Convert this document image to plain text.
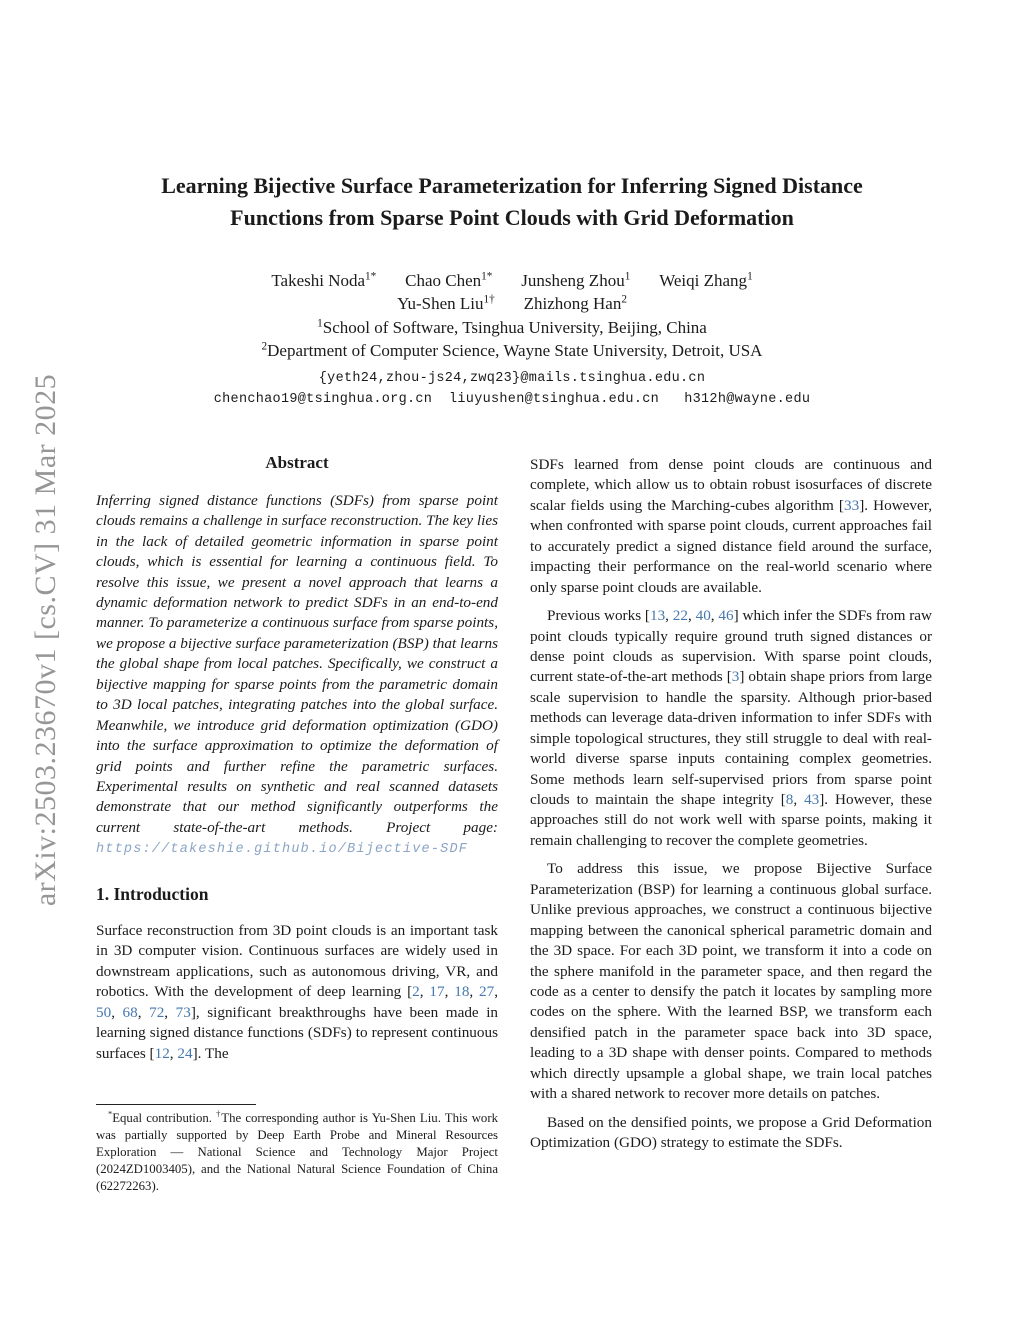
arXiv:2503.23670v1 [cs.CV] 31 Mar 2025
Learning Bijective Surface Parameterization for Inferring Signed Distance
Functions from Sparse Point Clouds with Grid Deformation
Takeshi Noda$^{1*}$ Chao Chen$^{1*}$ Junsheng Zhou$^1$ Weiqi Zhang$^1$
Yu-Shen Liu$^{1\dagger}$ Zhizhong Han$^2$
$^1$School of Software, Tsinghua University, Beijing, China
$^2$Department of Computer Science, Wayne State University, Detroit, USA
{yeth24,zhou-js24,zwq23}@mails.tsinghua.edu.cn
chenchao19@tsinghua.org.cn  liuyushen@tsinghua.edu.cn   h312h@wayne.edu
Abstract

Inferring signed distance functions (SDFs) from sparse point clouds remains a challenge in surface reconstruction. The key lies in the lack of detailed geometric information in sparse point clouds, which is essential for learning a continuous field. To resolve this issue, we present a novel approach that learns a dynamic deformation network to predict SDFs in an end-to-end manner. To parameterize a continuous surface from sparse points, we propose a bijective surface parameterization (BSP) that learns the global shape from local patches. Specifically, we construct a bijective mapping for sparse points from the parametric domain to 3D local patches, integrating patches into the global surface. Meanwhile, we introduce grid deformation optimization (GDO) into the surface approximation to optimize the deformation of grid points and further refine the parametric surfaces. Experimental results on synthetic and real scanned datasets demonstrate that our method significantly outperforms the current state-of-the-art methods. Project page: https://takeshie.github.io/Bijective-SDF

1. Introduction

Surface reconstruction from 3D point clouds is an important task in 3D computer vision. Continuous surfaces are widely used in downstream applications, such as autonomous driving, VR, and robotics. With the development of deep learning [2, 17, 18, 27, 50, 68, 72, 73], significant breakthroughs have been made in learning signed distance functions (SDFs) to represent continuous surfaces [12, 24]. The

SDFs learned from dense point clouds are continuous and complete, which allow us to obtain robust isosurfaces of discrete scalar fields using the Marching-cubes algorithm [33]. However, when confronted with sparse point clouds, current approaches fail to accurately predict a signed distance field around the surface, impacting their performance on the real-world scenario where only sparse point clouds are available.

Previous works [13, 22, 40, 46] which infer the SDFs from raw point clouds typically require ground truth signed distances or dense point clouds as supervision. With sparse point clouds, current state-of-the-art methods [3] obtain shape priors from large scale supervision to handle the sparsity. Although prior-based methods can leverage data-driven information to infer SDFs with simple topological structures, they still struggle to deal with real-world diverse sparse inputs containing complex geometries. Some methods learn self-supervised priors from sparse point clouds to maintain the shape integrity [8, 43]. However, these approaches still do not work well with sparse points, making it remain challenging to recover the complete geometries.

To address this issue, we propose Bijective Surface Parameterization (BSP) for learning a continuous global surface. Unlike previous approaches, we construct a continuous bijective mapping between the canonical spherical parametric domain and the 3D space. For each 3D point, we transform it into a code on the sphere manifold in the parameter space, and then regard the code as a center to densify the patch it locates by sampling more codes on the sphere. With the learned BSP, we transform each densified patch in the parameter space back into 3D space, leading to a 3D shape with denser points. Compared to methods which directly upsample a global shape, we train local patches with a shared network to recover more details on patches.

Based on the densified points, we propose a Grid Deformation Optimization (GDO) strategy to estimate the SDFs.

*Equal contribution. †The corresponding author is Yu-Shen Liu. This work was partially supported by Deep Earth Probe and Mineral Resources Exploration — National Science and Technology Major Project (2024ZD1003405), and the National Natural Science Foundation of China (62272263).
